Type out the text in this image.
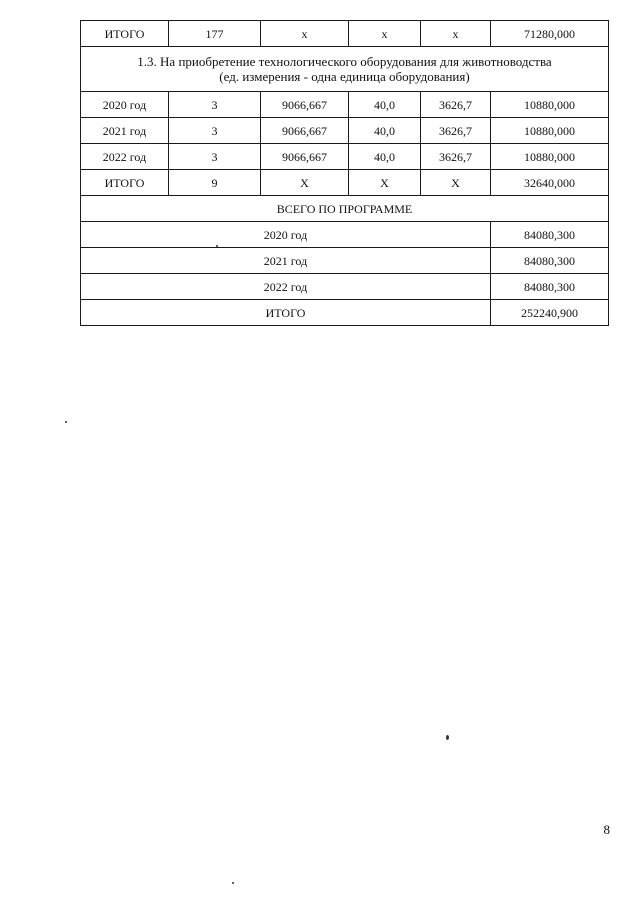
ИТОГО	177	х	х	х	71280,000
1.3. На приобретение технологического оборудования для животноводства
(ед. измерения - одна единица оборудования)					
2020 год	3	9066,667	40,0	3626,7	10880,000
2021 год	3	9066,667	40,0	3626,7	10880,000
2022 год	3	9066,667	40,0	3626,7	10880,000
ИТОГО	9	Х	Х	Х	32640,000
ВСЕГО ПО ПРОГРАММЕ					
2020 год					84080,300
2021 год					84080,300
2022 год					84080,300
ИТОГО					252240,900
8
